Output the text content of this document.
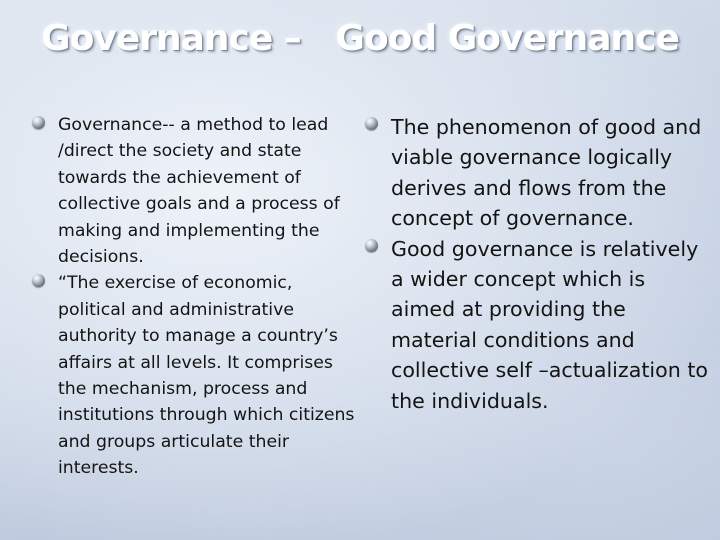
Governance –   Good Governance
Governance-- a method to lead /direct the society and state towards the achievement of collective goals and a process of making and implementing the decisions.
“The exercise of economic, political and administrative authority to manage a country’s affairs at all levels. It comprises the mechanism, process and institutions through which citizens and groups articulate their interests.
The phenomenon of good and viable governance logically derives and flows from the concept of governance.
Good governance is relatively a wider concept which is aimed at providing the material conditions and collective self –actualization to the individuals.
